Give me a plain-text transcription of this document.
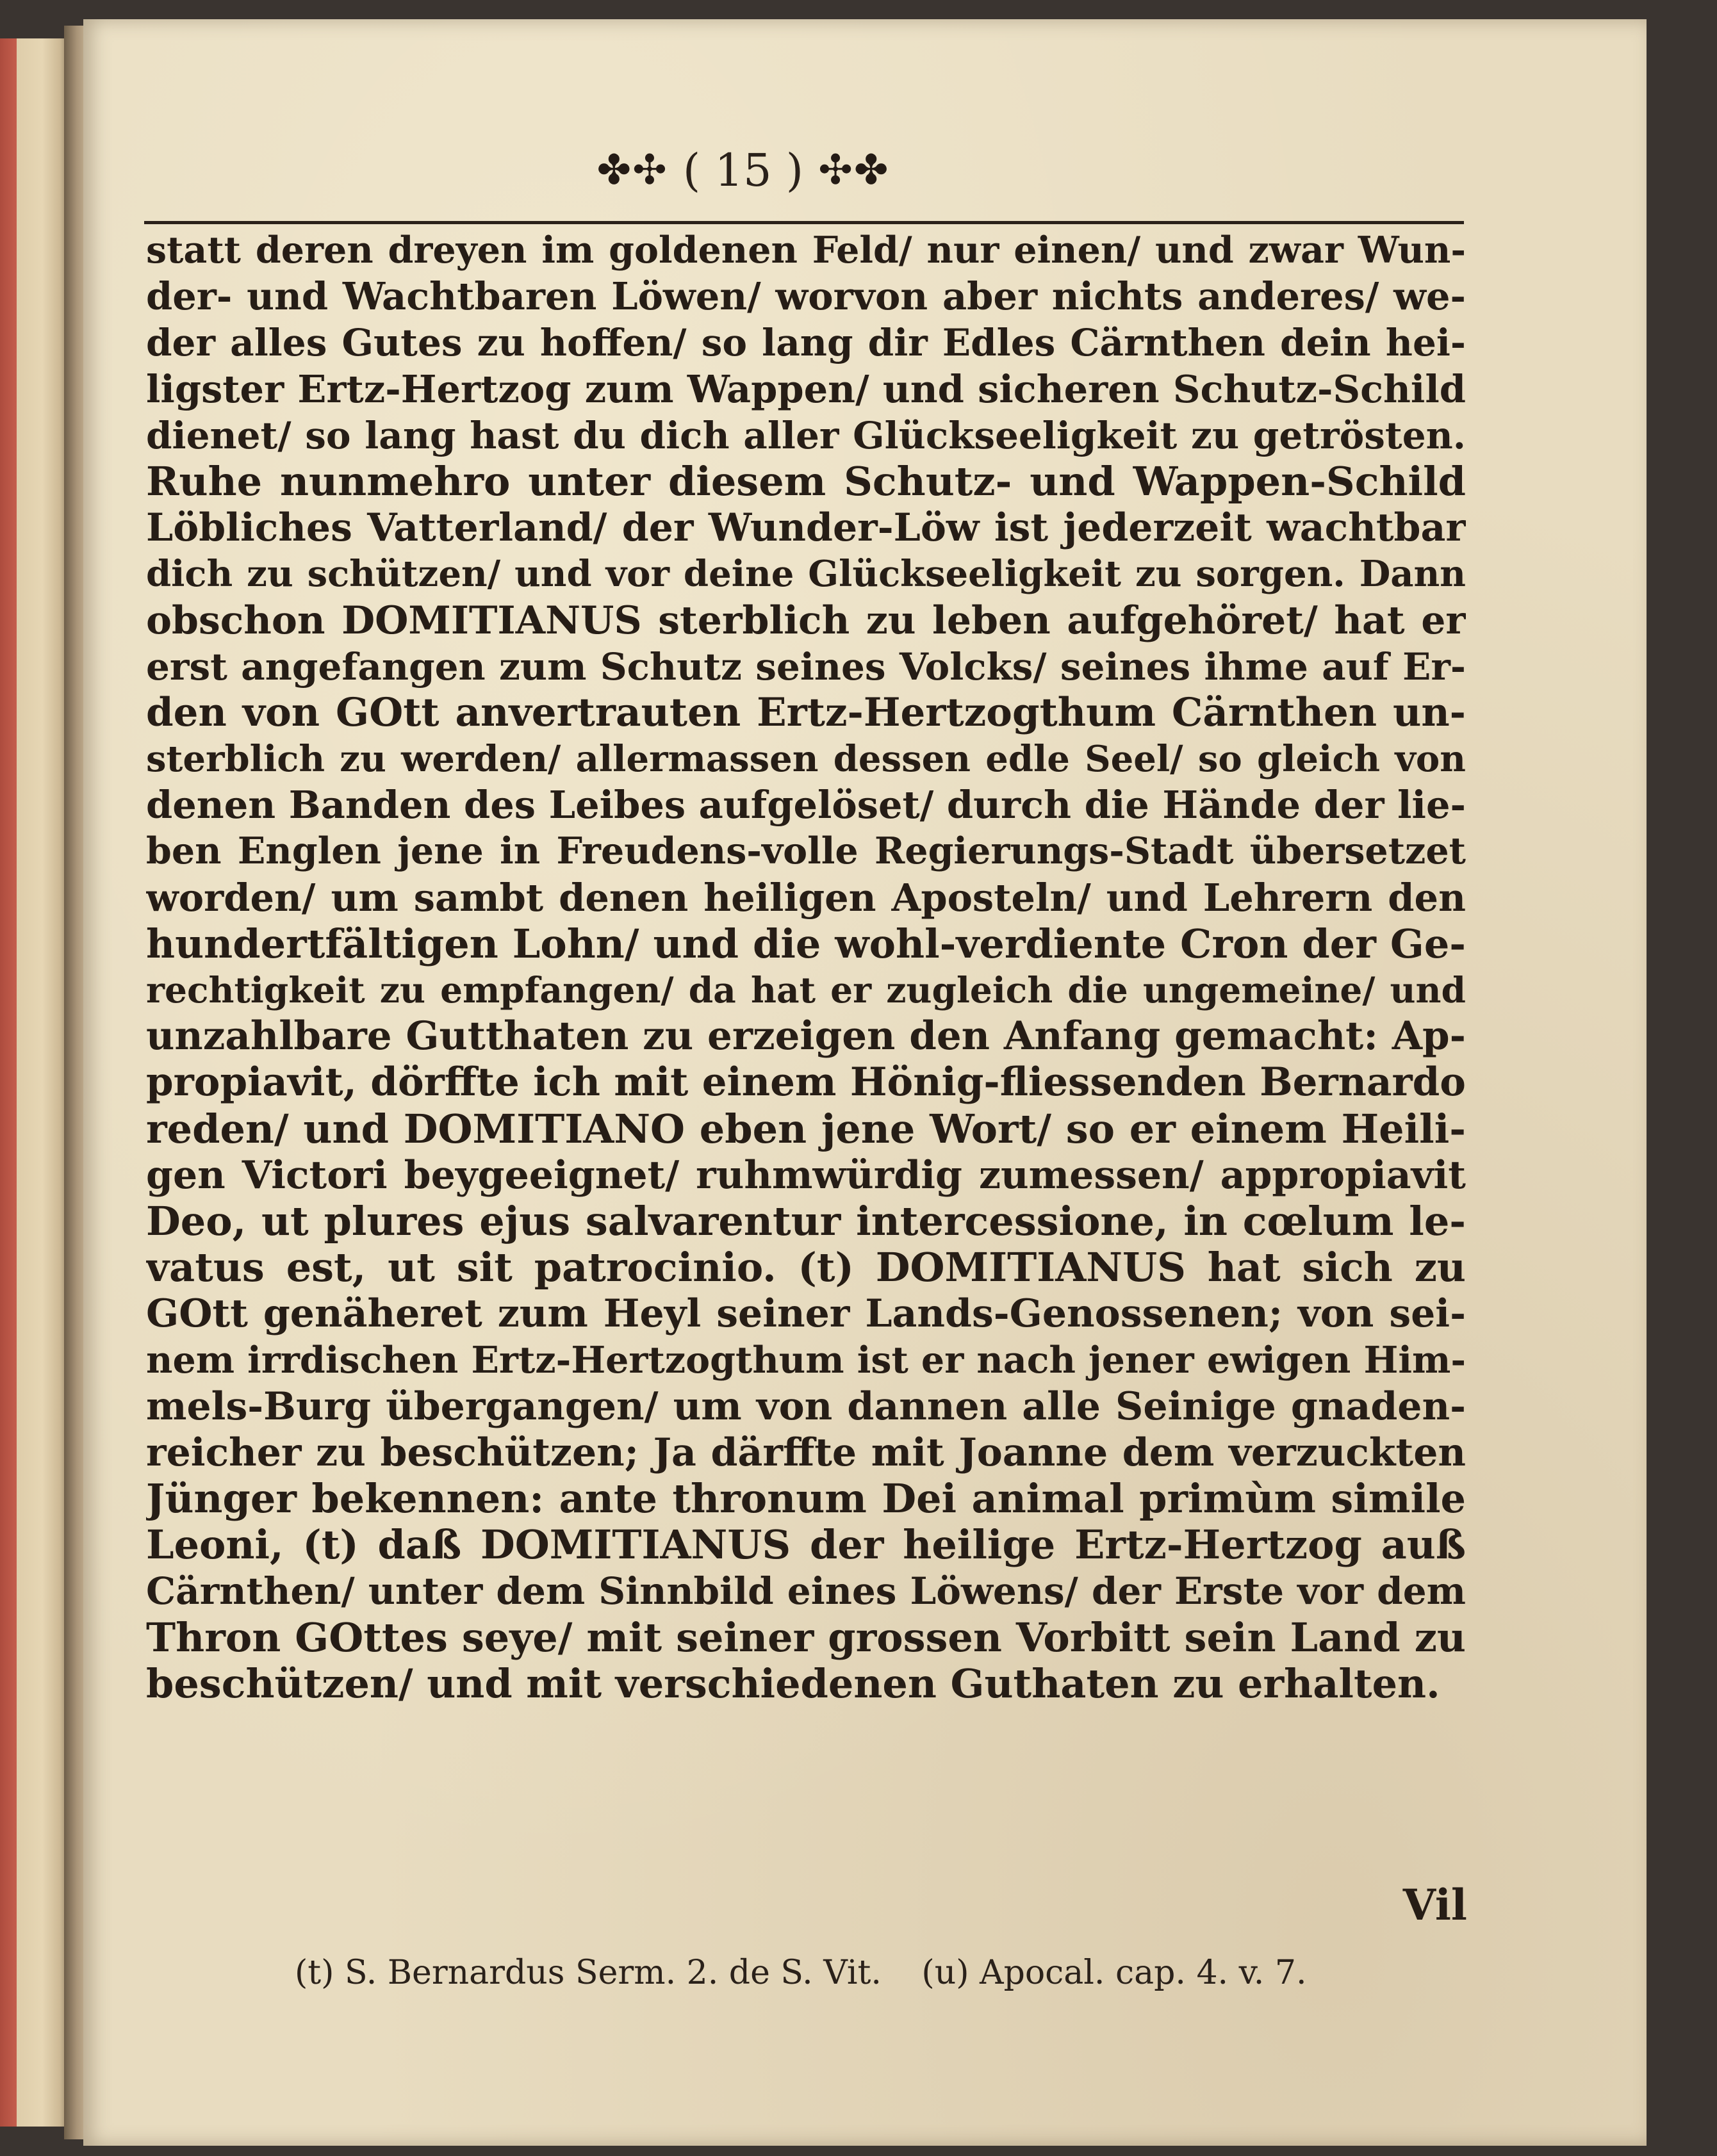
✤✣ ( 15 ) ✣✤
statt deren dreyen im goldenen Feld/ nur einen/ und zwar Wun-
der- und Wachtbaren Löwen/ worvon aber nichts anderes/ we-
der alles Gutes zu hoffen/ so lang dir Edles Cärnthen dein hei-
ligster Ertz-Hertzog zum Wappen/ und sicheren Schutz-Schild
dienet/ so lang hast du dich aller Glückseeligkeit zu getrösten.
Ruhe nunmehro unter diesem Schutz- und Wappen-Schild
Löbliches Vatterland/ der Wunder-Löw ist jederzeit wachtbar
dich zu schützen/ und vor deine Glückseeligkeit zu sorgen. Dann
obschon DOMITIANUS sterblich zu leben aufgehöret/ hat er
erst angefangen zum Schutz seines Volcks/ seines ihme auf Er-
den von GOtt anvertrauten Ertz-Hertzogthum Cärnthen un-
sterblich zu werden/ allermassen dessen edle Seel/ so gleich von
denen Banden des Leibes aufgelöset/ durch die Hände der lie-
ben Englen jene in Freudens-volle Regierungs-Stadt übersetzet
worden/ um sambt denen heiligen Aposteln/ und Lehrern den
hundertfältigen Lohn/ und die wohl-verdiente Cron der Ge-
rechtigkeit zu empfangen/ da hat er zugleich die ungemeine/ und
unzahlbare Gutthaten zu erzeigen den Anfang gemacht: Ap-
propiavit, dörffte ich mit einem Hönig-fliessenden Bernardo
reden/ und DOMITIANO eben jene Wort/ so er einem Heili-
gen Victori beygeeignet/ ruhmwürdig zumessen/ appropiavit
Deo, ut plures ejus salvarentur intercessione, in cœlum le-
vatus est, ut sit patrocinio. (t) DOMITIANUS hat sich zu
GOtt genäheret zum Heyl seiner Lands-Genossenen; von sei-
nem irrdischen Ertz-Hertzogthum ist er nach jener ewigen Him-
mels-Burg übergangen/ um von dannen alle Seinige gnaden-
reicher zu beschützen; Ja därffte mit Joanne dem verzuckten
Jünger bekennen: ante thronum Dei animal primùm simile
Leoni, (t) daß DOMITIANUS der heilige Ertz-Hertzog auß
Cärnthen/ unter dem Sinnbild eines Löwens/ der Erste vor dem
Thron GOttes seye/ mit seiner grossen Vorbitt sein Land zu
beschützen/ und mit verschiedenen Guthaten zu erhalten.
Vil
(t) S. Bernardus Serm. 2. de S. Vit. (u) Apocal. cap. 4. v. 7.
